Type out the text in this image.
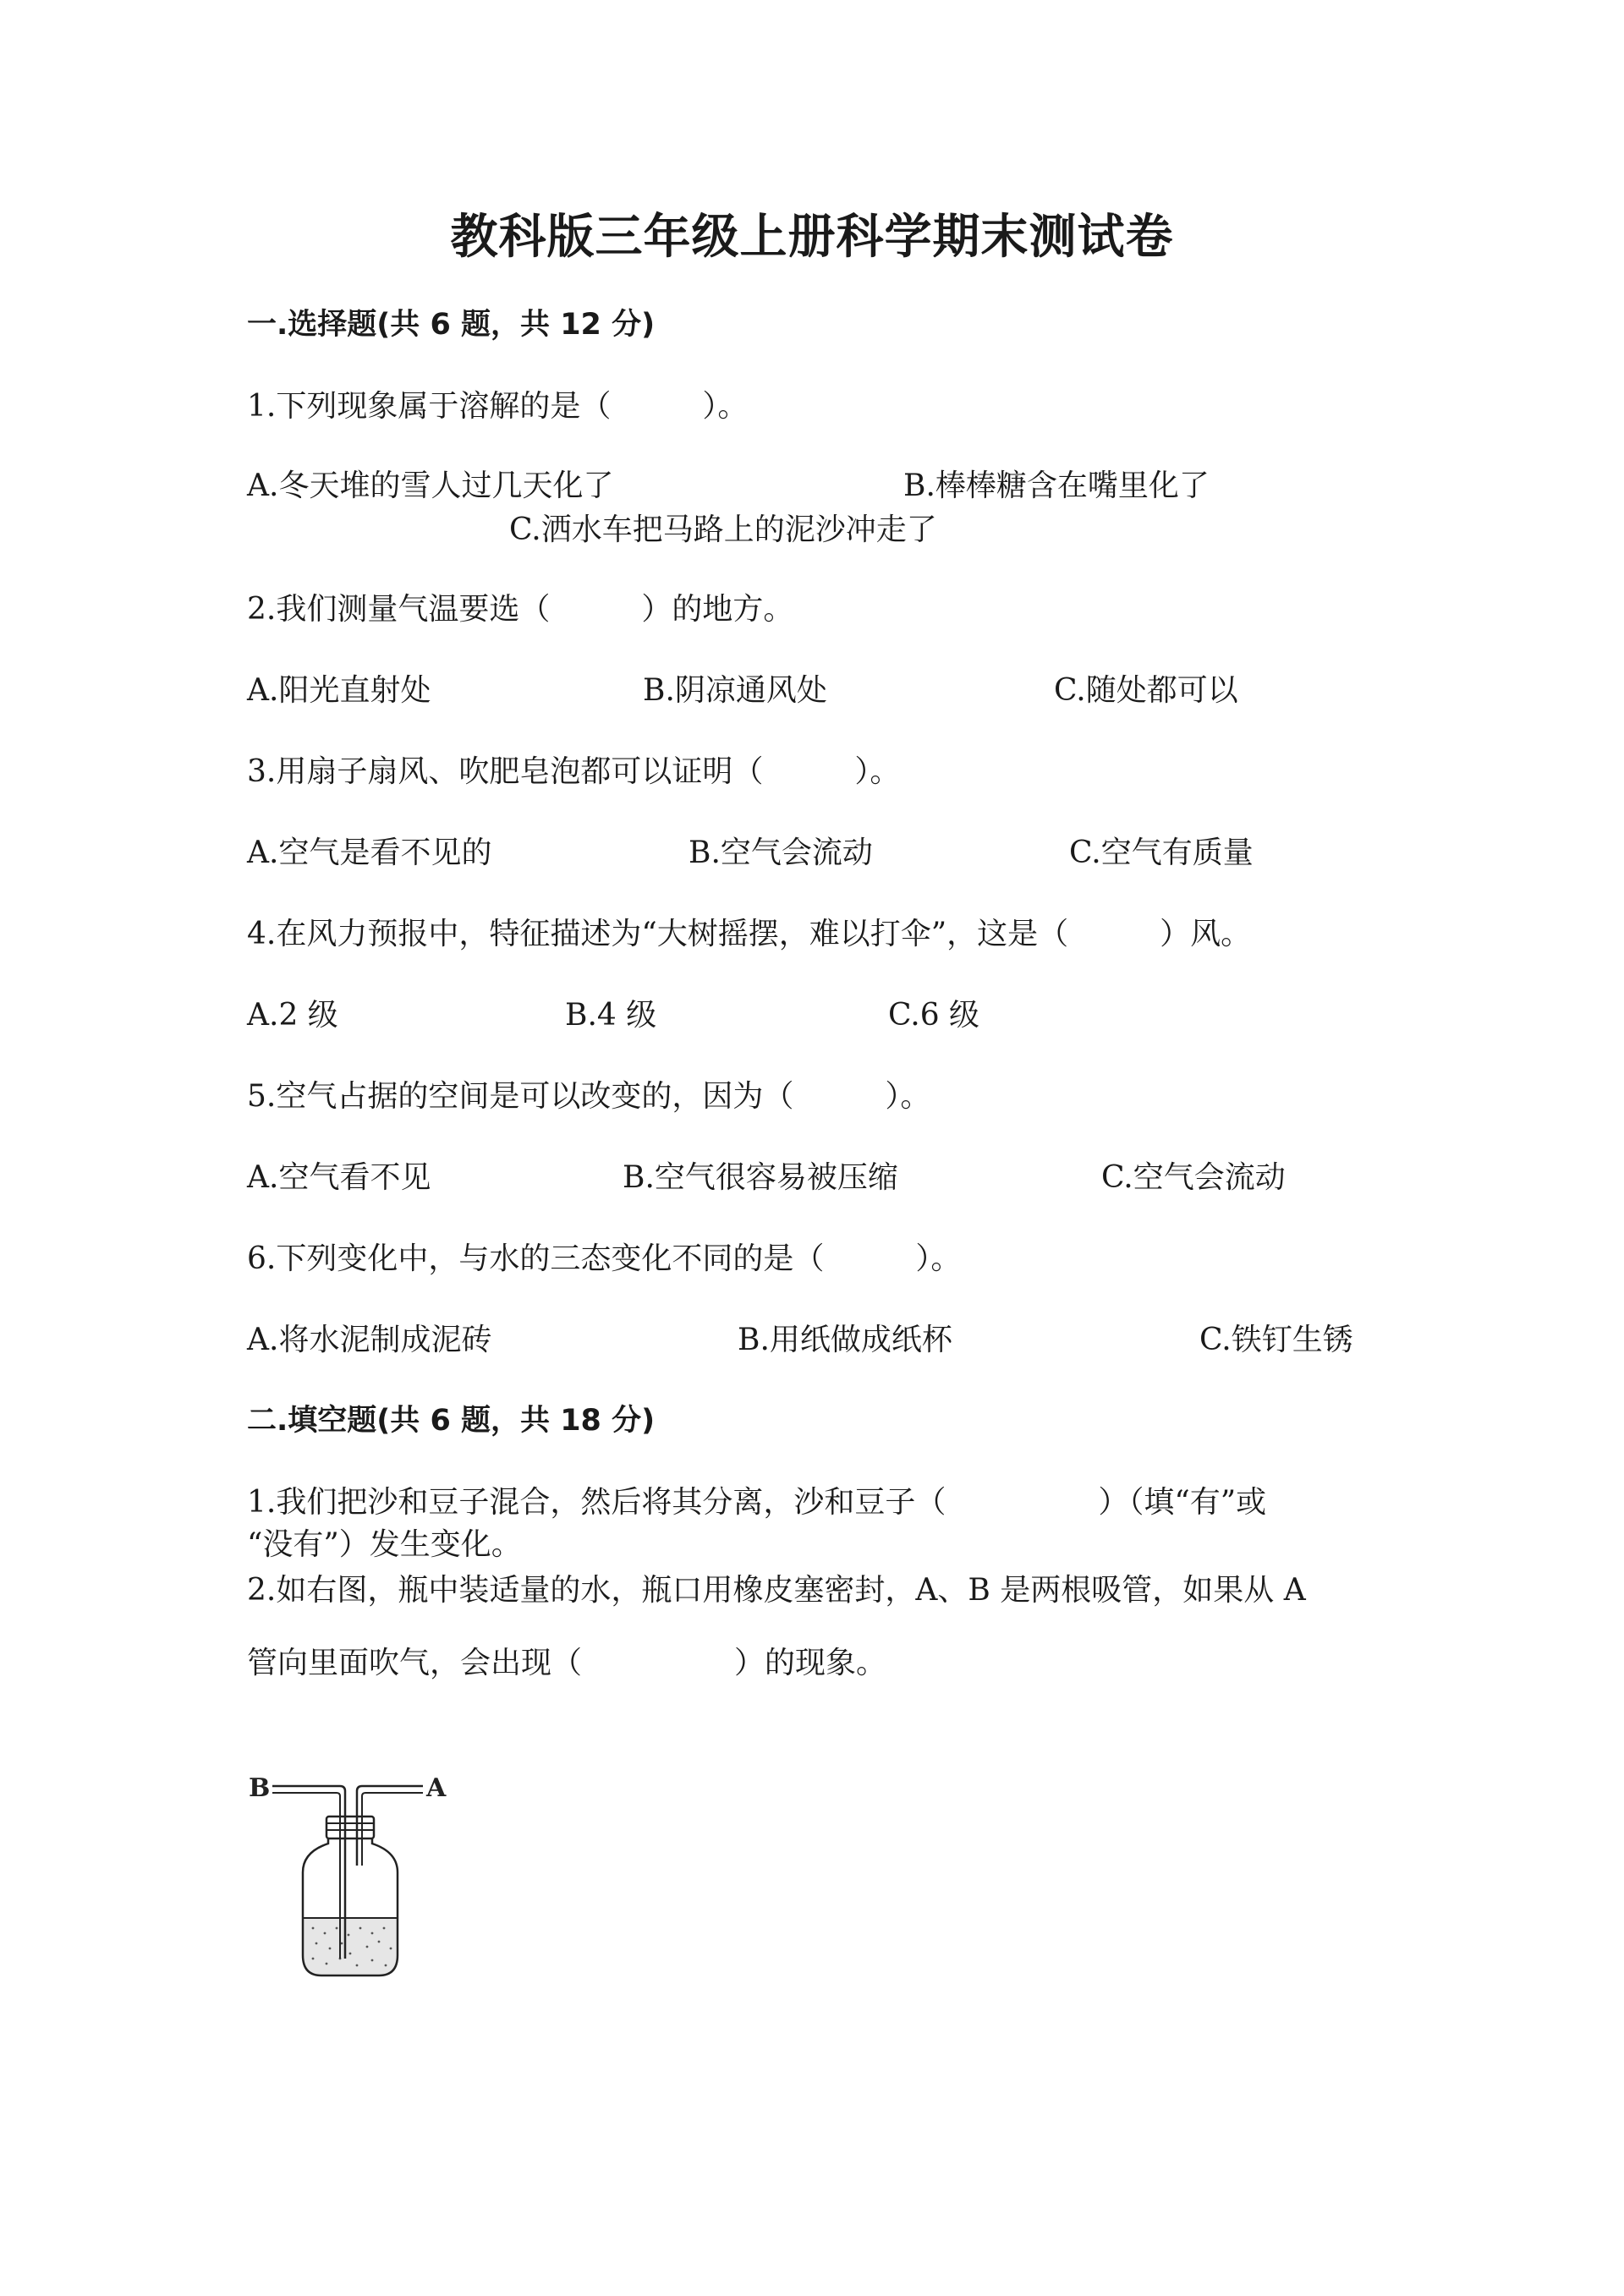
教科版三年级上册科学期末测试卷
一.选择题(共 6 题，共 12 分)
1.下列现象属于溶解的是（　　　）。
A.冬天堆的雪人过几天化了	B.棒棒糖含在嘴里化了
C.洒水车把马路上的泥沙冲走了
2.我们测量气温要选（　　　）的地方。
A.阳光直射处	B.阴凉通风处	C.随处都可以
3.用扇子扇风、吹肥皂泡都可以证明（　　　）。
A.空气是看不见的	B.空气会流动	C.空气有质量
4.在风力预报中，特征描述为“大树摇摆，难以打伞”，这是（　　　）风。
A.2 级	B.4 级	C.6 级
5.空气占据的空间是可以改变的，因为（　　　）。
A.空气看不见	B.空气很容易被压缩	C.空气会流动
6.下列变化中，与水的三态变化不同的是（　　　）。
A.将水泥制成泥砖	B.用纸做成纸杯	C.铁钉生锈
二.填空题(共 6 题，共 18 分)
1.我们把沙和豆子混合，然后将其分离，沙和豆子（　　　　　）（填“有”或
“没有”）发生变化。
2.如右图，瓶中装适量的水，瓶口用橡皮塞密封，A、B 是两根吸管，如果从 A
管向里面吹气，会出现（　　　　　）的现象。
B	A
